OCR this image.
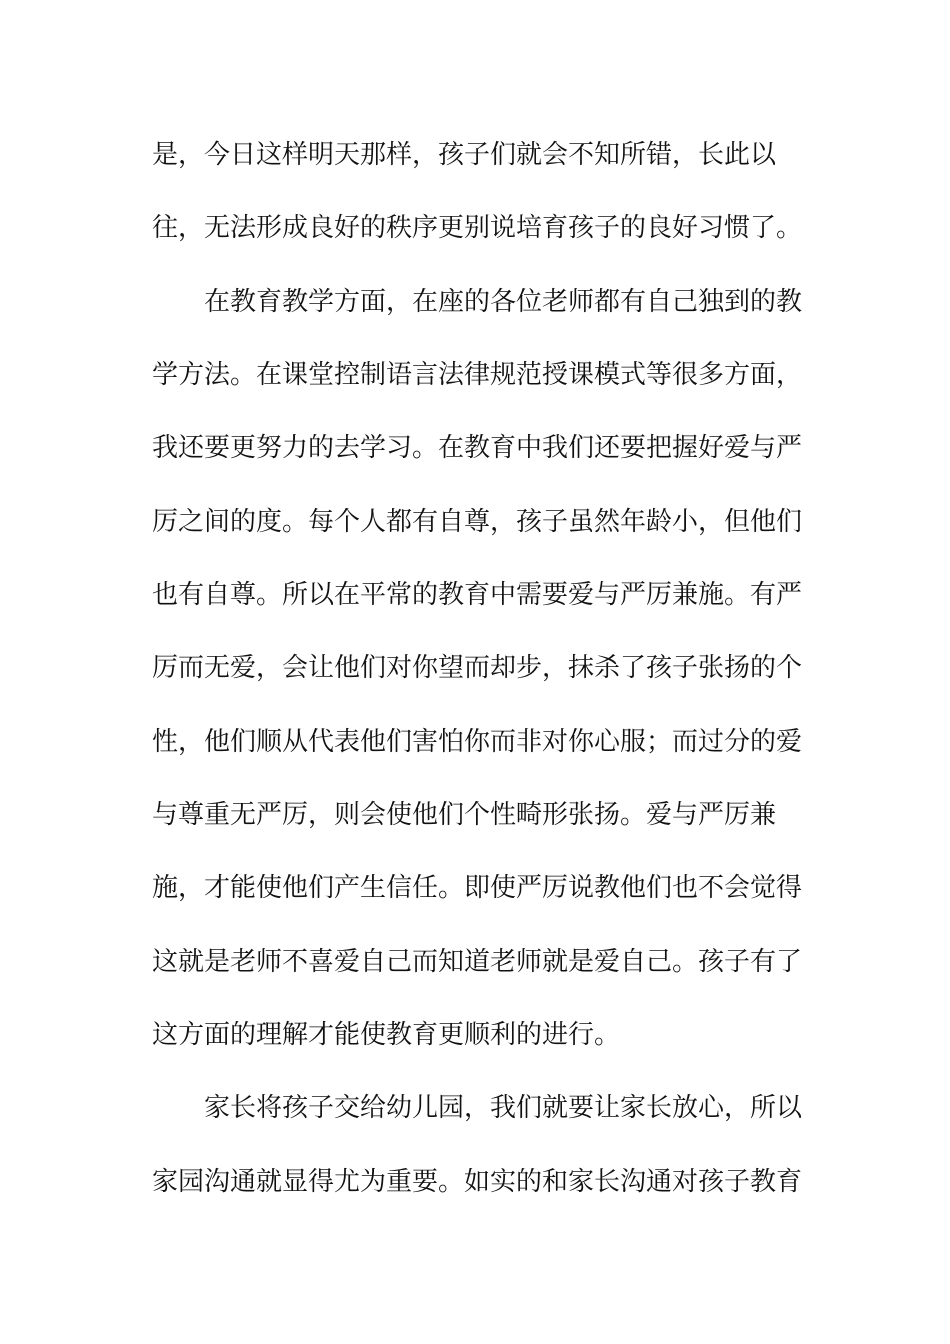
是，今日这样明天那样，孩子们就会不知所错，长此以
往，无法形成良好的秩序更别说培育孩子的良好习惯了。
在教育教学方面，在座的各位老师都有自己独到的教
学方法。在课堂控制语言法律规范授课模式等很多方面，
我还要更努力的去学习。在教育中我们还要把握好爱与严
厉之间的度。每个人都有自尊，孩子虽然年龄小，但他们
也有自尊。所以在平常的教育中需要爱与严厉兼施。有严
厉而无爱，会让他们对你望而却步，抹杀了孩子张扬的个
性，他们顺从代表他们害怕你而非对你心服；而过分的爱
与尊重无严厉，则会使他们个性畸形张扬。爱与严厉兼
施，才能使他们产生信任。即使严厉说教他们也不会觉得
这就是老师不喜爱自己而知道老师就是爱自己。孩子有了
这方面的理解才能使教育更顺利的进行。
家长将孩子交给幼儿园，我们就要让家长放心，所以
家园沟通就显得尤为重要。如实的和家长沟通对孩子教育
